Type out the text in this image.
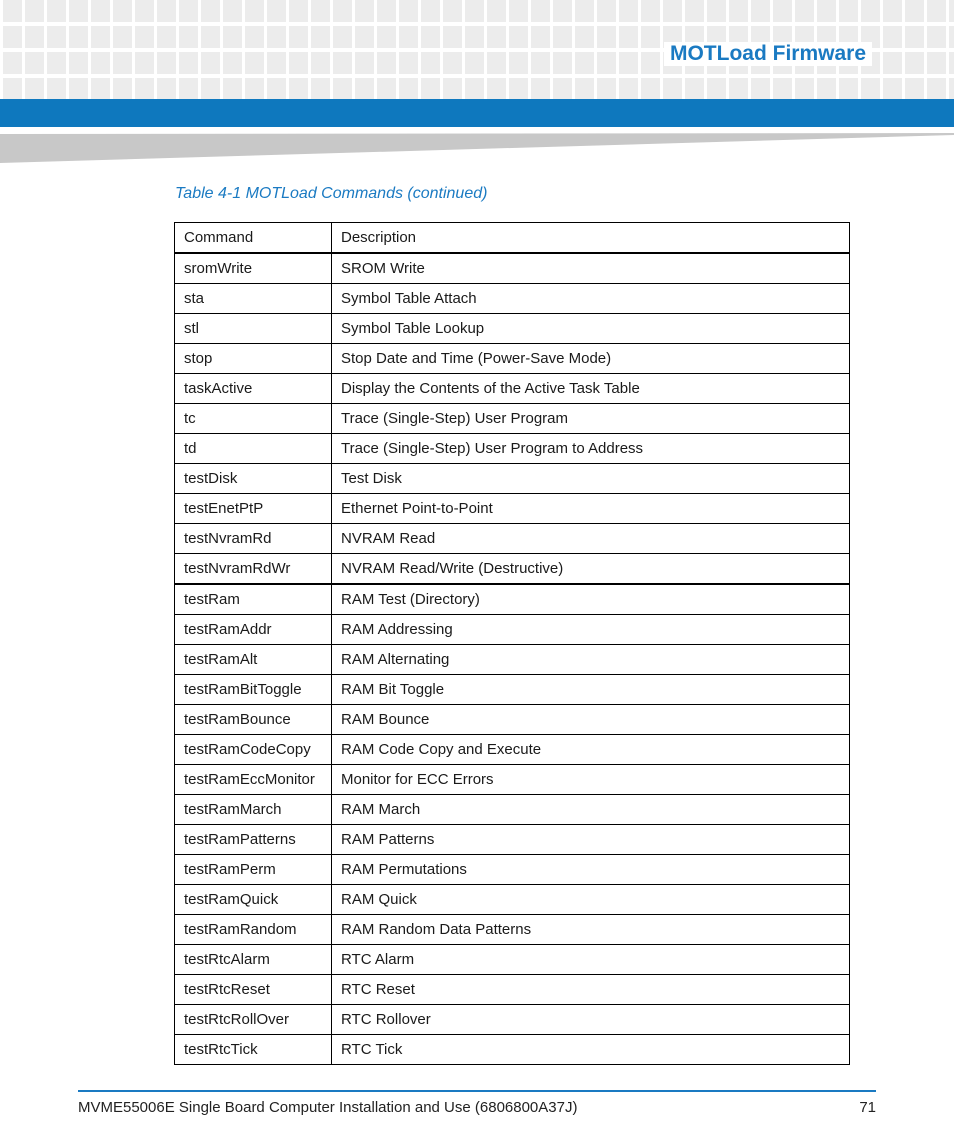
MOTLoad Firmware
Table 4-1 MOTLoad Commands (continued)
Command	Description
sromWrite	SROM Write
sta	Symbol Table Attach
stl	Symbol Table Lookup
stop	Stop Date and Time (Power-Save Mode)
taskActive	Display the Contents of the Active Task Table
tc	Trace (Single-Step) User Program
td	Trace (Single-Step) User Program to Address
testDisk	Test Disk
testEnetPtP	Ethernet Point-to-Point
testNvramRd	NVRAM Read
testNvramRdWr	NVRAM Read/Write (Destructive)
testRam	RAM Test (Directory)
testRamAddr	RAM Addressing
testRamAlt	RAM Alternating
testRamBitToggle	RAM Bit Toggle
testRamBounce	RAM Bounce
testRamCodeCopy	RAM Code Copy and Execute
testRamEccMonitor	Monitor for ECC Errors
testRamMarch	RAM March
testRamPatterns	RAM Patterns
testRamPerm	RAM Permutations
testRamQuick	RAM Quick
testRamRandom	RAM Random Data Patterns
testRtcAlarm	RTC Alarm
testRtcReset	RTC Reset
testRtcRollOver	RTC Rollover
testRtcTick	RTC Tick
MVME55006E Single Board Computer Installation and Use (6806800A37J)	71
